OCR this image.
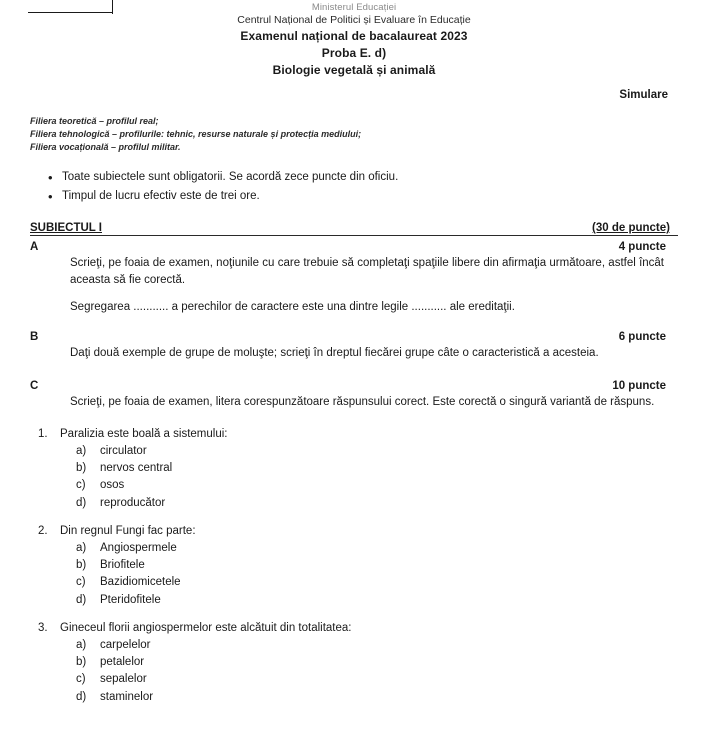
Ministerul Educației
Centrul Național de Politici și Evaluare în Educație
Examenul național de bacalaureat 2023
Proba E. d)
Biologie vegetală și animală
Simulare
Filiera teoretică – profilul real;
Filiera tehnologică – profilurile: tehnic, resurse naturale și protecția mediului;
Filiera vocațională – profilul militar.
• Toate subiectele sunt obligatorii. Se acordă zece puncte din oficiu.
• Timpul de lucru efectiv este de trei ore.
SUBIECTUL I	(30 de puncte)
A	4 puncte
Scrieţi, pe foaia de examen, noţiunile cu care trebuie să completaţi spaţiile libere din afirmaţia următoare, astfel încât aceasta să fie corectă.
Segregarea ........... a perechilor de caractere este una dintre legile ........... ale ereditaţii.
B	6 puncte
Daţi două exemple de grupe de moluşte; scrieţi în dreptul fiecărei grupe câte o caracteristică a acesteia.
C	10 puncte
Scrieţi, pe foaia de examen, litera corespunzătoare răspunsului corect. Este corectă o singură variantă de răspuns.
1.	Paralizia este boală a sistemului:
a)	circulator
b)	nervos central
c)	osos
d)	reproducător
2.	Din regnul Fungi fac parte:
a)	Angiospermele
b)	Briofitele
c)	Bazidiomicetele
d)	Pteridofitele
3.	Gineceul florii angiospermelor este alcătuit din totalitatea:
a)	carpelelor
b)	petalelor
c)	sepalelor
d)	staminelor
